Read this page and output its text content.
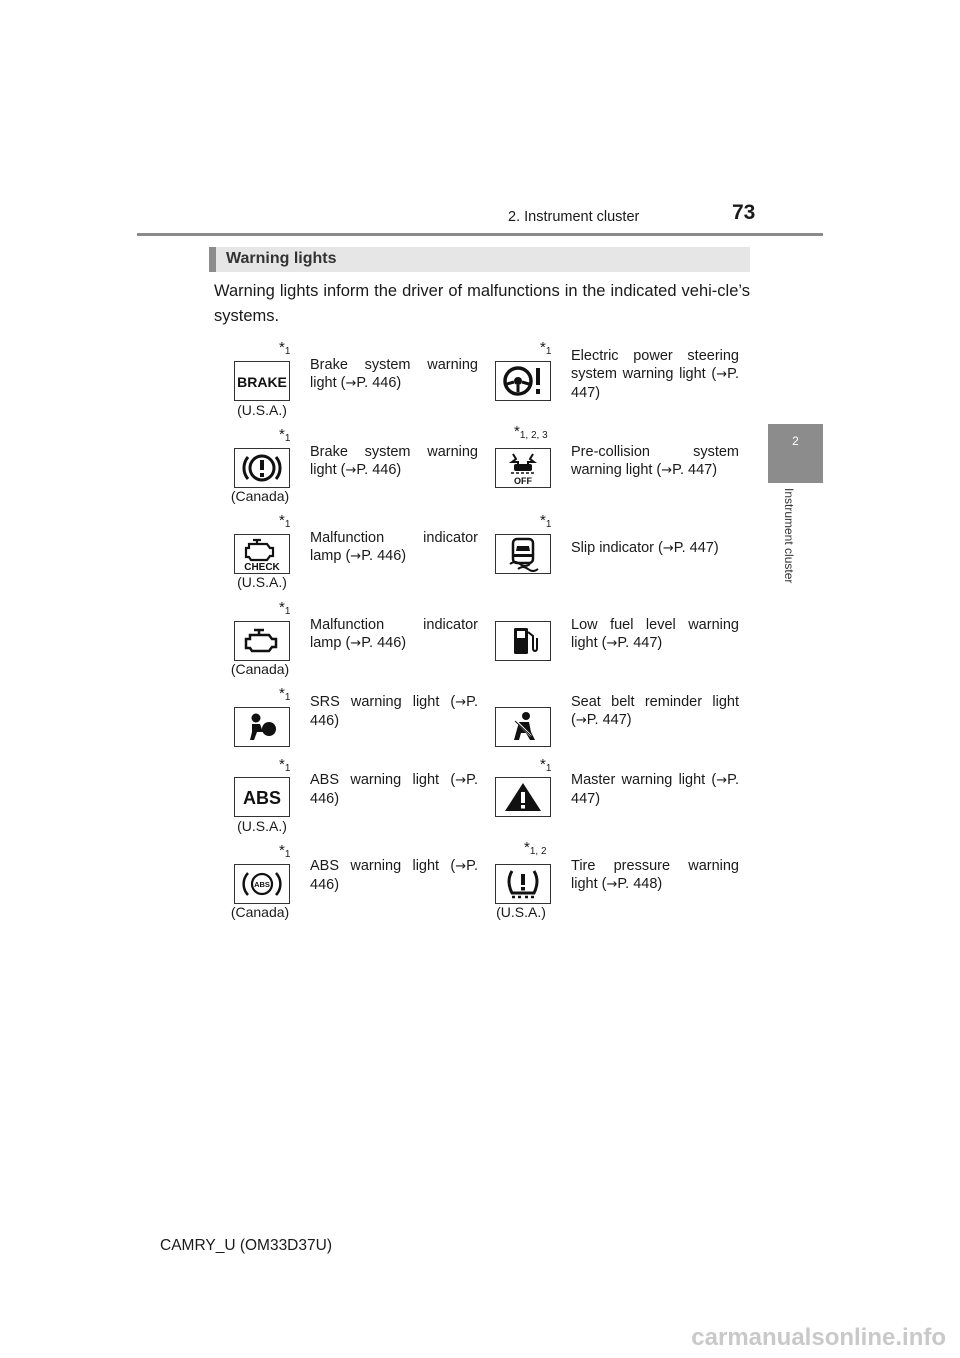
2. Instrument cluster	73
2
Instrument cluster
Warning lights
Warning lights inform the driver of malfunctions in the indicated vehi-cle’s systems.
$*_1$
BRAKE
(U.S.A.)
Brake system warning light (→P. 446)
$*_1$ Electric power steering system warning light (→P. 447)
$*_1$
(Canada)
Brake system warning light (→P. 446)
$*_{1, 2, 3}$
OFF
Pre-collision system warning light (→P. 447)
$*_1$
CHECK
(U.S.A.)
Malfunction indicator lamp (→P. 446)
$*_1$
Slip indicator (→P. 447)
$*_1$
(Canada)
Malfunction indicator lamp (→P. 446)
Low fuel level warning light (→P. 447)
$*_1$ SRS warning light (→P. 446)
Seat belt reminder light (→P. 447)
$*_1$
ABS
(U.S.A.)
ABS warning light (→P. 446)
$*_1$
Master warning light (→P. 447)
$*_1$
ABS
(Canada)
ABS warning light (→P. 446)
$*_{1, 2}$
(U.S.A.)
Tire pressure warning light (→P. 448)
CAMRY_U (OM33D37U)
carmanualsonline.info
